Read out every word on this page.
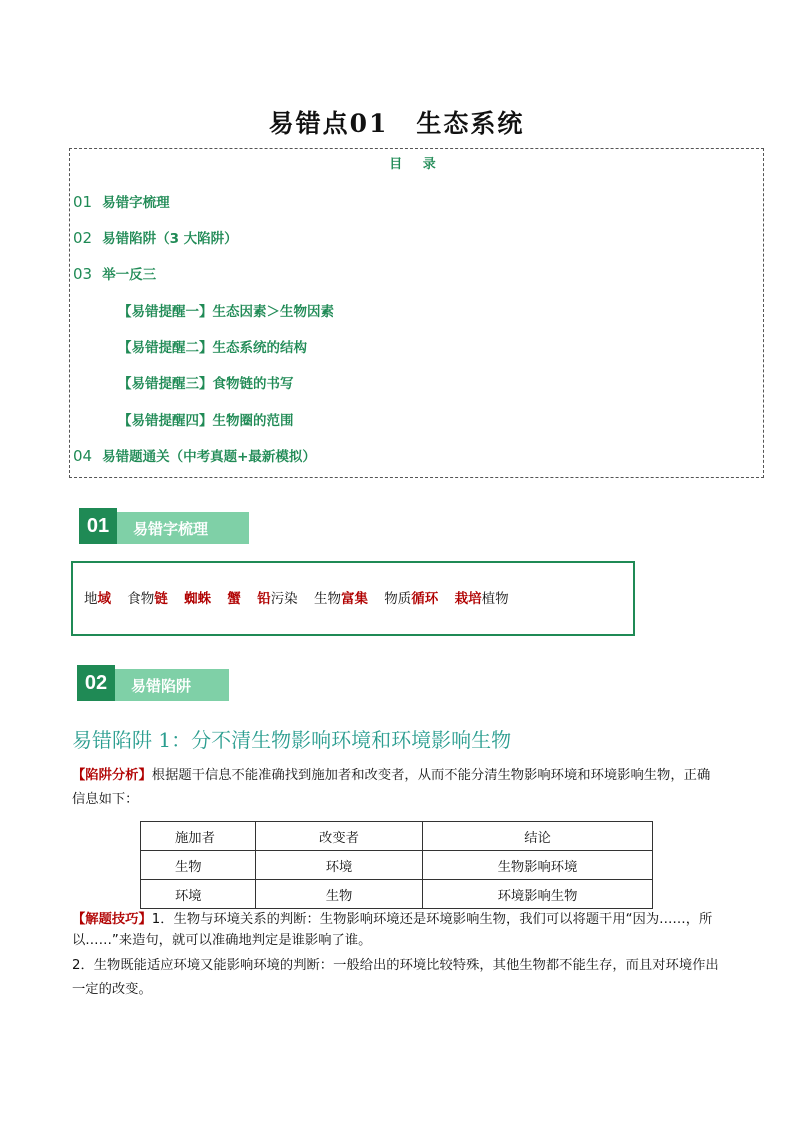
易错点01 生态系统
目 录
01 易错字梳理
02 易错陷阱（3 大陷阱）
03 举一反三
【易错提醒一】生态因素＞生物因素
【易错提醒二】生态系统的结构
【易错提醒三】食物链的书写
【易错提醒四】生物圈的范围
04 易错题通关（中考真题+最新模拟）
01	易错字梳理
地域 食物链 蜘蛛 蟹 铅污染 生物富集 物质循环 栽培植物
02	易错陷阱
易错陷阱 1：分不清生物影响环境和环境影响生物
【陷阱分析】根据题干信息不能准确找到施加者和改变者，从而不能分清生物影响环境和环境影响生物，正确信息如下：
施加者	改变者	结论
生物	环境	生物影响环境
环境	生物	环境影响生物
【解题技巧】1．生物与环境关系的判断：生物影响环境还是环境影响生物，我们可以将题干用“因为……，所以……”来造句，就可以准确地判定是谁影响了谁。
2．生物既能适应环境又能影响环境的判断：一般给出的环境比较特殊，其他生物都不能生存，而且对环境作出一定的改变。
